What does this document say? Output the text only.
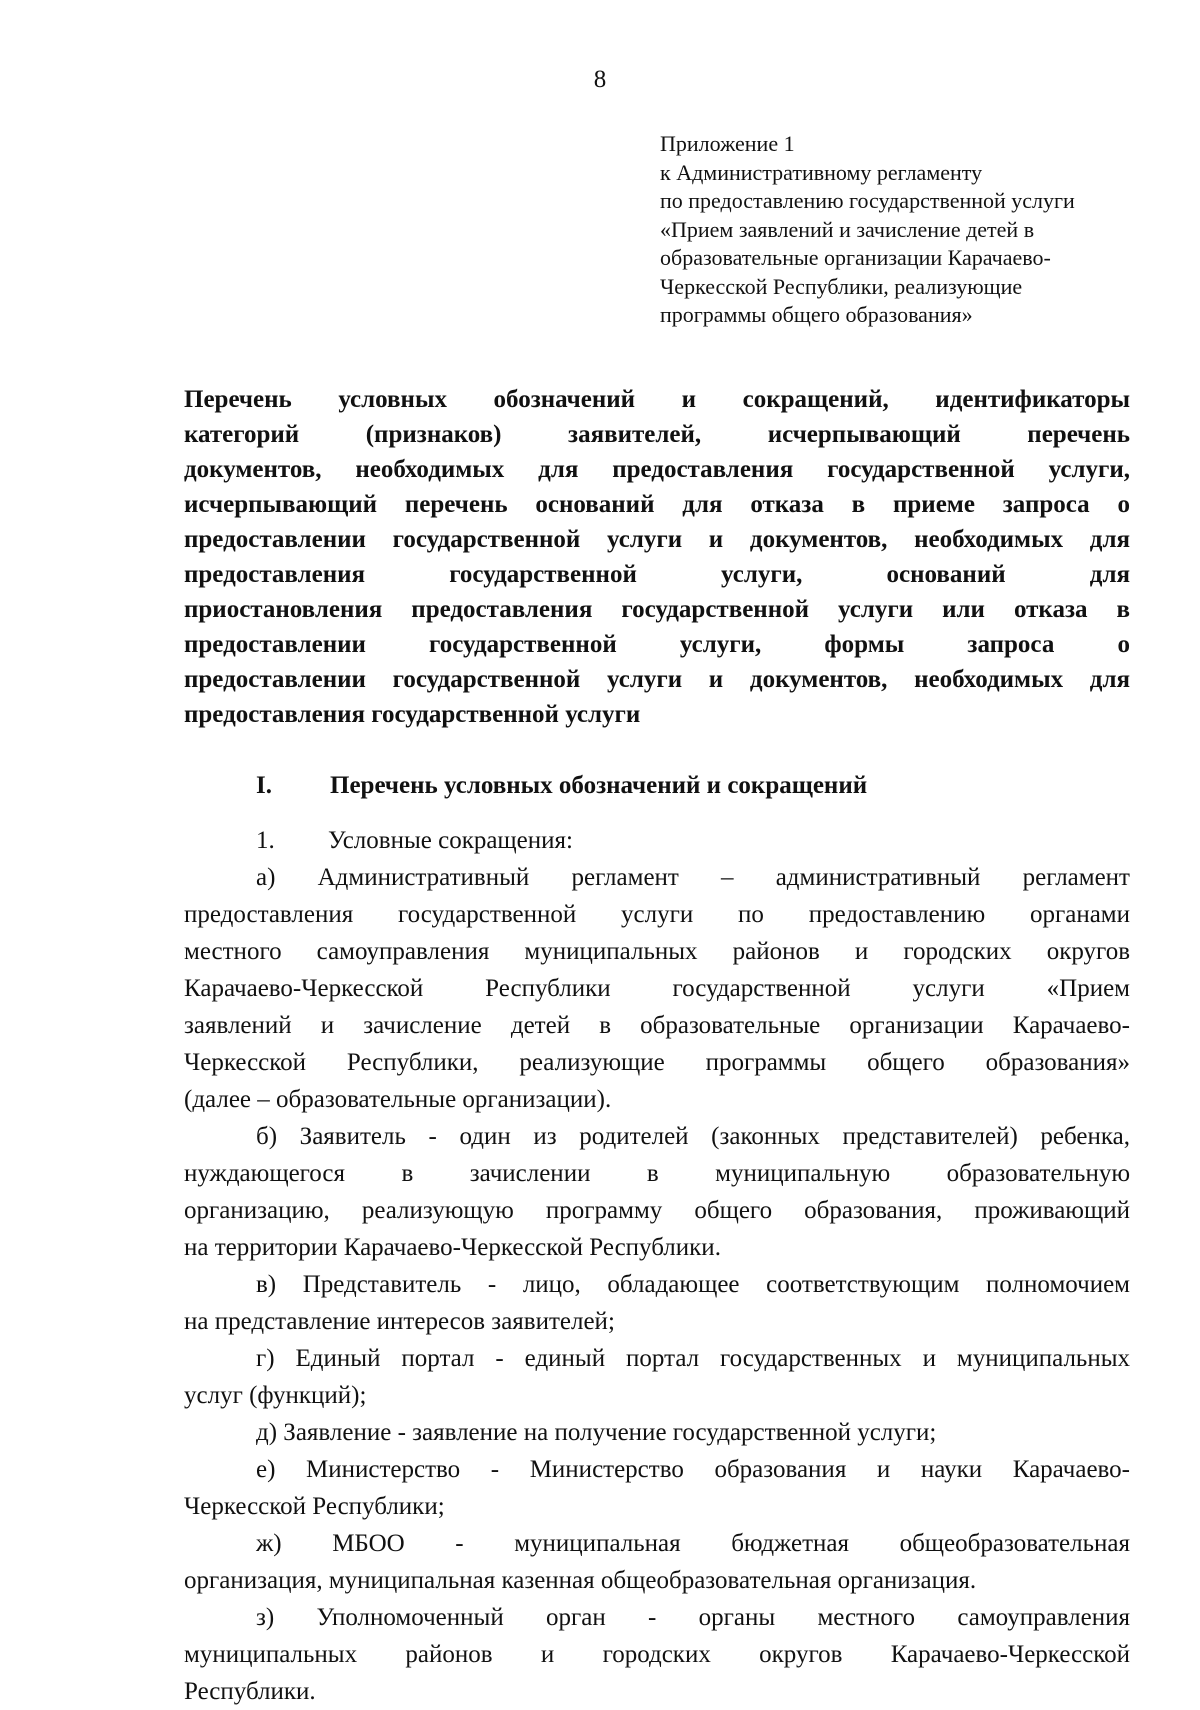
8
Приложение 1
к Административному регламенту
по предоставлению государственной услуги
«Прием заявлений и зачисление детей в
образовательные организации Карачаево-
Черкесской Республики, реализующие
программы общего образования»
Перечень условных обозначений и сокращений, идентификаторы
категорий (признаков) заявителей, исчерпывающий перечень
документов, необходимых для предоставления государственной услуги,
исчерпывающий перечень оснований для отказа в приеме запроса о
предоставлении государственной услуги и документов, необходимых для
предоставления государственной услуги, оснований для
приостановления предоставления государственной услуги или отказа в
предоставлении государственной услуги, формы запроса о
предоставлении государственной услуги и документов, необходимых для
предоставления государственной услуги
I. Перечень условных обозначений и сокращений
1. Условные сокращения:
а) Административный регламент – административный регламент
предоставления государственной услуги по предоставлению органами
местного самоуправления муниципальных районов и городских округов
Карачаево-Черкесской Республики государственной услуги «Прием
заявлений и зачисление детей в образовательные организации Карачаево-
Черкесской Республики, реализующие программы общего образования»
(далее – образовательные организации).
б) Заявитель - один из родителей (законных представителей) ребенка,
нуждающегося в зачислении в муниципальную образовательную
организацию, реализующую программу общего образования, проживающий
на территории Карачаево-Черкесской Республики.
в) Представитель - лицо, обладающее соответствующим полномочием
на представление интересов заявителей;
г) Единый портал - единый портал государственных и муниципальных
услуг (функций);
д) Заявление - заявление на получение государственной услуги;
е) Министерство - Министерство образования и науки Карачаево-
Черкесской Республики;
ж) МБОО - муниципальная бюджетная общеобразовательная
организация, муниципальная казенная общеобразовательная организация.
з) Уполномоченный орган - органы местного самоуправления
муниципальных районов и городских округов Карачаево-Черкесской
Республики.
